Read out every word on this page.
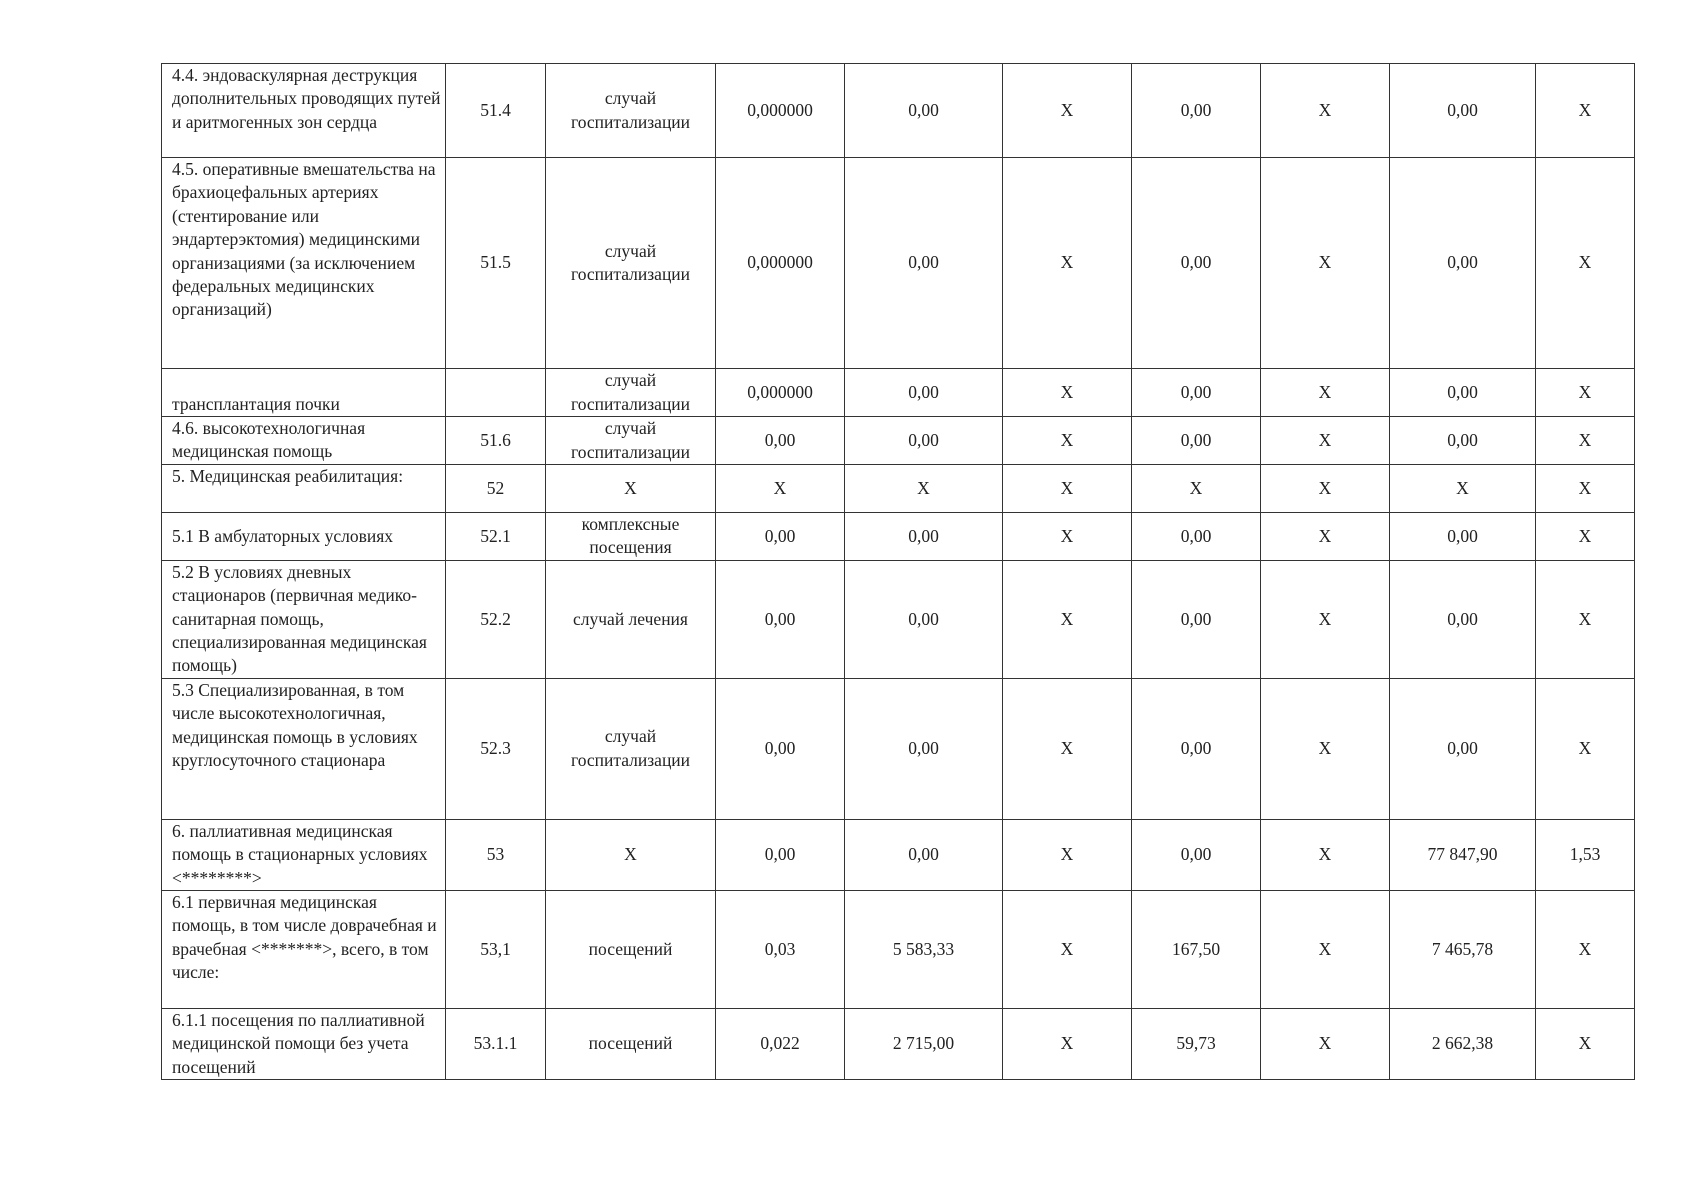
4.4. эндоваскулярная деструкция дополнительных проводящих путей и аритмогенных зон сердца	51.4	случай госпитализации	0,000000	0,00	X	0,00	X	0,00	X

4.5. оперативные вмешательства на брахиоцефальных артериях (стентирование или эндартерэктомия) медицинскими организациями (за исключением федеральных медицинских организаций)	51.5	случай госпитализации	0,000000	0,00	X	0,00	X	0,00	X

трансплантация почки		случай госпитализации	0,000000	0,00	X	0,00	X	0,00	X

4.6. высокотехнологичная медицинская помощь	51.6	случай госпитализации	0,00	0,00	X	0,00	X	0,00	X

5. Медицинская реабилитация:	52	X	X	X	X	X	X	X	X

5.1 В амбулаторных условиях	52.1	комплексные посещения	0,00	0,00	X	0,00	X	0,00	X

5.2 В условиях дневных стационаров (первичная медико-санитарная помощь, специализированная медицинская помощь)	52.2	случай лечения	0,00	0,00	X	0,00	X	0,00	X

5.3 Специализированная, в том числе высокотехнологичная, медицинская помощь в условиях круглосуточного стационара	52.3	случай госпитализации	0,00	0,00	X	0,00	X	0,00	X

6. паллиативная медицинская помощь в стационарных условиях <********>	53	X	0,00	0,00	X	0,00	X	77 847,90	1,53

6.1 первичная медицинская помощь, в том числе доврачебная и врачебная <*******>, всего, в том числе:	53,1	посещений	0,03	5 583,33	X	167,50	X	7 465,78	X

6.1.1 посещения по паллиативной медицинской помощи без учета посещений	53.1.1	посещений	0,022	2 715,00	X	59,73	X	2 662,38	X
